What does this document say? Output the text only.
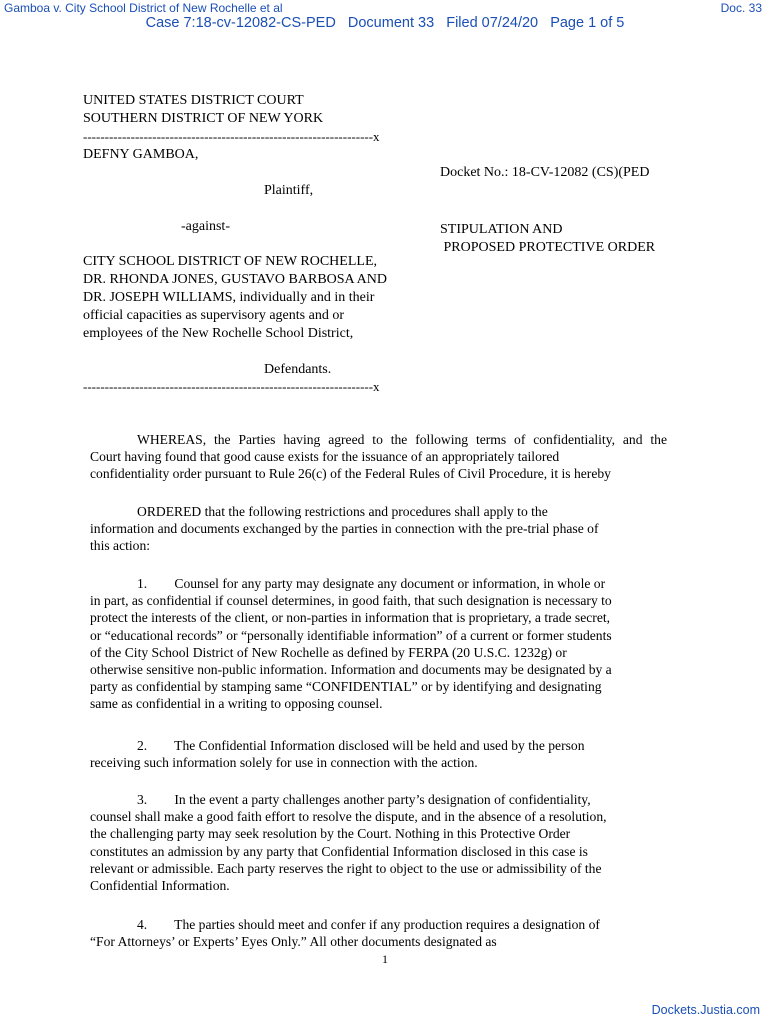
Gamboa v. City School District of New Rochelle et al	Doc. 33
Case 7:18-cv-12082-CS-PED   Document 33   Filed 07/24/20   Page 1 of 5
UNITED STATES DISTRICT COURT
SOUTHERN DISTRICT OF NEW YORK
-------------------------------------------------------------------x
DEFNY GAMBOA,
Plaintiff,
-against-
CITY SCHOOL DISTRICT OF NEW ROCHELLE,
DR. RHONDA JONES, GUSTAVO BARBOSA AND
DR. JOSEPH WILLIAMS, individually and in their
official capacities as supervisory agents and or
employees of the New Rochelle School District,
Defendants.
-------------------------------------------------------------------x
Docket No.: 18-CV-12082 (CS)(PED
STIPULATION AND
PROPOSED PROTECTIVE ORDER
WHEREAS, the Parties having agreed to the following terms of confidentiality, and the
Court having found that good cause exists for the issuance of an appropriately tailored
confidentiality order pursuant to Rule 26(c) of the Federal Rules of Civil Procedure, it is hereby
ORDERED that the following restrictions and procedures shall apply to the
information and documents exchanged by the parties in connection with the pre-trial phase of
this action:
1.        Counsel for any party may designate any document or information, in whole or
in part, as confidential if counsel determines, in good faith, that such designation is necessary to
protect the interests of the client, or non-parties in information that is proprietary, a trade secret,
or “educational records” or “personally identifiable information” of a current or former students
of the City School District of New Rochelle as defined by FERPA (20 U.S.C. 1232g) or
otherwise sensitive non-public information. Information and documents may be designated by a
party as confidential by stamping same “CONFIDENTIAL” or by identifying and designating
same as confidential in a writing to opposing counsel.
2.        The Confidential Information disclosed will be held and used by the person
receiving such information solely for use in connection with the action.
3.        In the event a party challenges another party’s designation of confidentiality,
counsel shall make a good faith effort to resolve the dispute, and in the absence of a resolution,
the challenging party may seek resolution by the Court. Nothing in this Protective Order
constitutes an admission by any party that Confidential Information disclosed in this case is
relevant or admissible. Each party reserves the right to object to the use or admissibility of the
Confidential Information.
4.        The parties should meet and confer if any production requires a designation of
“For Attorneys’ or Experts’ Eyes Only.” All other documents designated as
1
Dockets.Justia.com
